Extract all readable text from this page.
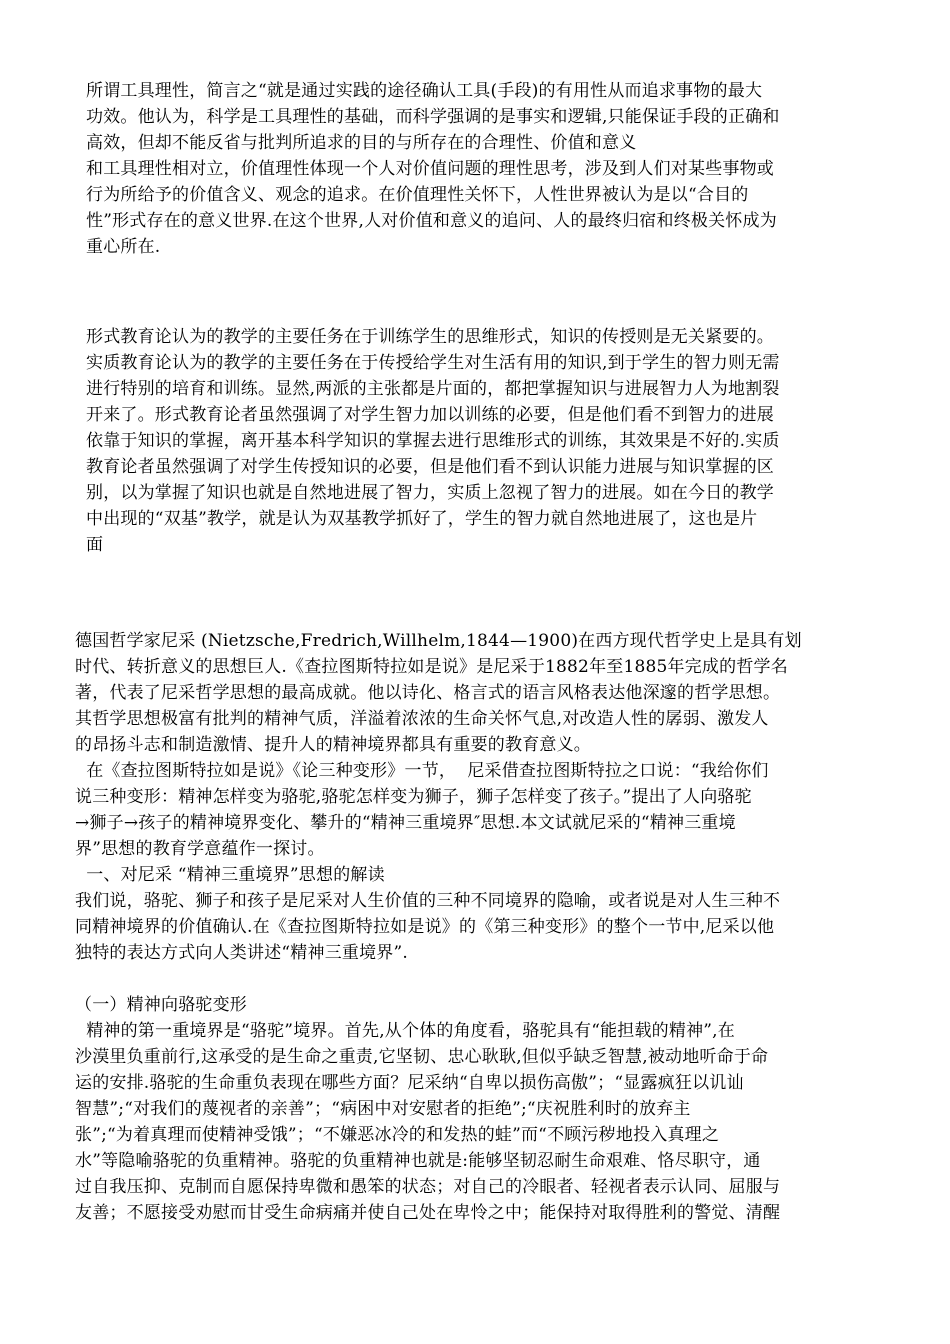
所谓工具理性，简言之“就是通过实践的途径确认工具(手段)的有用性从而追求事物的最大
功效。他认为，科学是工具理性的基础，而科学强调的是事实和逻辑,只能保证手段的正确和
高效，但却不能反省与批判所追求的目的与所存在的合理性、价值和意义
和工具理性相对立，价值理性体现一个人对价值问题的理性思考，涉及到人们对某些事物或
行为所给予的价值含义、观念的追求。在价值理性关怀下，人性世界被认为是以“合目的
性”形式存在的意义世界.在这个世界,人对价值和意义的追问、人的最终归宿和终极关怀成为
重心所在.
形式教育论认为的教学的主要任务在于训练学生的思维形式，知识的传授则是无关紧要的。
实质教育论认为的教学的主要任务在于传授给学生对生活有用的知识,到于学生的智力则无需
进行特别的培育和训练。显然,两派的主张都是片面的，都把掌握知识与进展智力人为地割裂
开来了。形式教育论者虽然强调了对学生智力加以训练的必要，但是他们看不到智力的进展
依靠于知识的掌握，离开基本科学知识的掌握去进行思维形式的训练，其效果是不好的.实质
教育论者虽然强调了对学生传授知识的必要，但是他们看不到认识能力进展与知识掌握的区
别，以为掌握了知识也就是自然地进展了智力，实质上忽视了智力的进展。如在今日的教学
中出现的“双基”教学，就是认为双基教学抓好了，学生的智力就自然地进展了，这也是片
面
德国哲学家尼采 (Nietzsche,Fredrich,Willhelm,1844—1900)在西方现代哲学史上是具有划
时代、转折意义的思想巨人.《查拉图斯特拉如是说》是尼采于1882年至1885年完成的哲学名
著，代表了尼采哲学思想的最高成就。他以诗化、格言式的语言风格表达他深邃的哲学思想。
其哲学思想极富有批判的精神气质，洋溢着浓浓的生命关怀气息,对改造人性的孱弱、激发人
的昂扬斗志和制造激情、提升人的精神境界都具有重要的教育意义。
在《查拉图斯特拉如是说》《论三种变形》一节，  尼采借查拉图斯特拉之口说：“我给你们
说三种变形：精神怎样变为骆驼,骆驼怎样变为狮子，狮子怎样变了孩子。”提出了人向骆驼
→狮子→孩子的精神境界变化、攀升的“精神三重境界″思想.本文试就尼采的“精神三重境
界”思想的教育学意蕴作一探讨。
一、对尼采 “精神三重境界”思想的解读
我们说，骆驼、狮子和孩子是尼采对人生价值的三种不同境界的隐喻，或者说是对人生三种不
同精神境界的价值确认.在《查拉图斯特拉如是说》的《第三种变形》的整个一节中,尼采以他
独特的表达方式向人类讲述“精神三重境界”.
（一）精神向骆驼变形
精神的第一重境界是“骆驼”境界。首先,从个体的角度看，骆驼具有“能担载的精神”,在
沙漠里负重前行,这承受的是生命之重责,它坚韧、忠心耿耿,但似乎缺乏智慧,被动地听命于命
运的安排.骆驼的生命重负表现在哪些方面？尼采纳“自卑以损伤高傲”；“显露疯狂以讥讪
智慧”;“对我们的蔑视者的亲善”；“病困中对安慰者的拒绝”;“庆祝胜利时的放弃主
张”;“为着真理而使精神受饿”；“不嫌恶冰冷的和发热的蛙”而“不顾污秽地投入真理之
水”等隐喻骆驼的负重精神。骆驼的负重精神也就是:能够坚韧忍耐生命艰难、恪尽职守，通
过自我压抑、克制而自愿保持卑微和愚笨的状态；对自己的冷眼者、轻视者表示认同、屈服与
友善；不愿接受劝慰而甘受生命病痛并使自己处在卑怜之中；能保持对取得胜利的警觉、清醒
